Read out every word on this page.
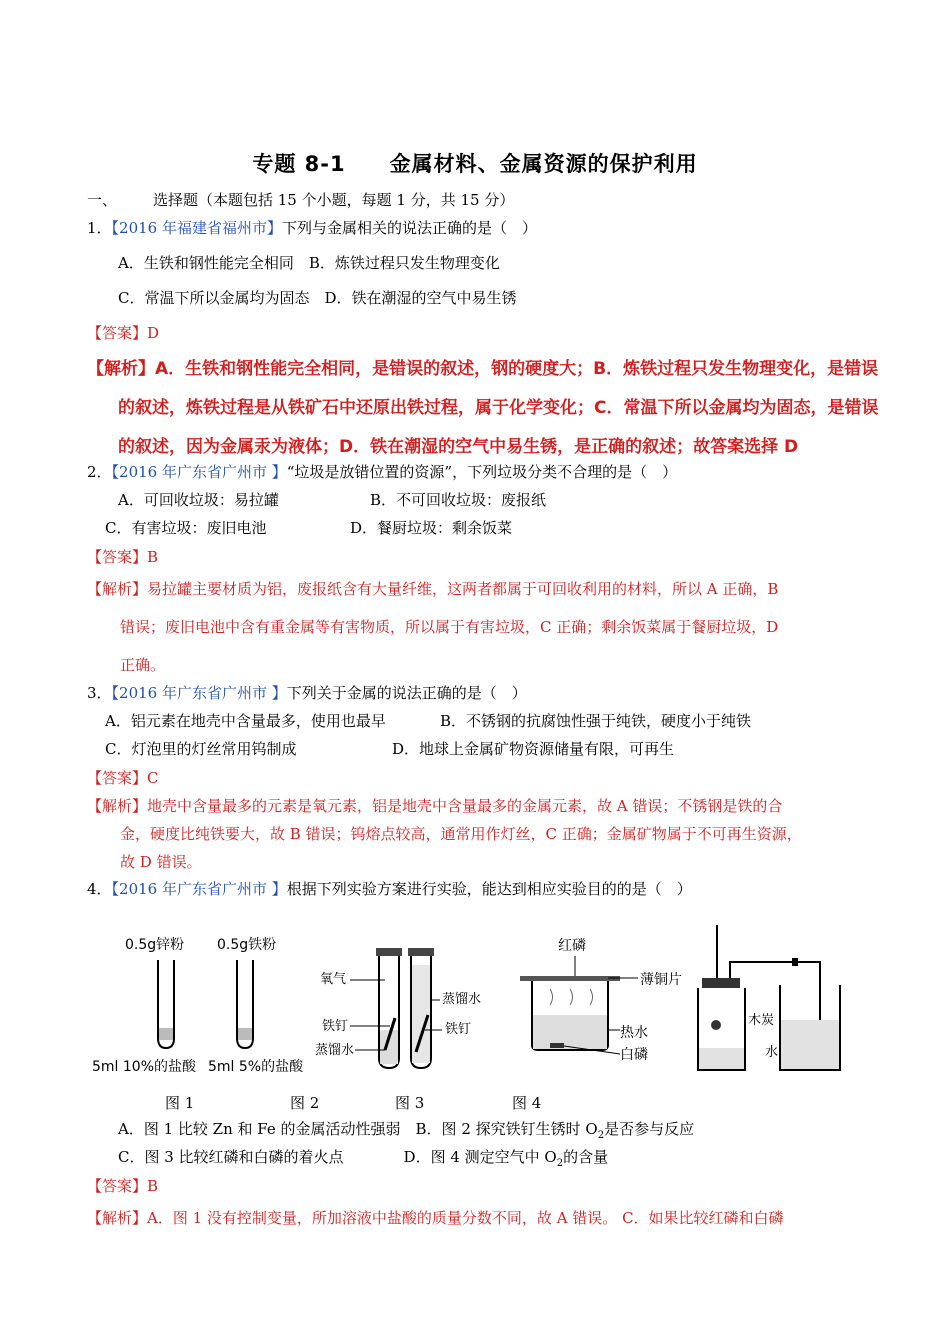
专题 8-1　　金属材料、金属资源的保护利用
一、 选择题（本题包括 15 个小题，每题 1 分，共 15 分）
1．【2016 年福建省福州市】下列与金属相关的说法正确的是（　）
A．生铁和钢性能完全相同　B．炼铁过程只发生物理变化
C．常温下所以金属均为固态　D．铁在潮湿的空气中易生锈
【答案】D
【解析】A．生铁和钢性能完全相同，是错误的叙述，钢的硬度大；B．炼铁过程只发生物理变化，是错误
的叙述，炼铁过程是从铁矿石中还原出铁过程，属于化学变化；C．常温下所以金属均为固态，是错误
的叙述，因为金属汞为液体；D．铁在潮湿的空气中易生锈，是正确的叙述；故答案选择 D
2．【2016 年广东省广州市 】“垃圾是放错位置的资源”，下列垃圾分类不合理的是（　）
A．可回收垃圾：易拉罐	B．不可回收垃圾：废报纸
C．有害垃圾：废旧电池	D．餐厨垃圾：剩余饭菜
【答案】B
【解析】易拉罐主要材质为铝，废报纸含有大量纤维，这两者都属于可回收利用的材料，所以 A 正确，B
错误；废旧电池中含有重金属等有害物质，所以属于有害垃圾，C 正确；剩余饭菜属于餐厨垃圾，D
正确。
3．【2016 年广东省广州市 】下列关于金属的说法正确的是（　）
A．铝元素在地壳中含量最多，使用也最早	B．不锈钢的抗腐蚀性强于纯铁，硬度小于纯铁
C．灯泡里的灯丝常用钨制成	D．地球上金属矿物资源储量有限，可再生
【答案】C
【解析】地壳中含量最多的元素是氧元素，铝是地壳中含量最多的金属元素，故 A 错误；不锈钢是铁的合
金，硬度比纯铁要大，故 B 错误；钨熔点较高，通常用作灯丝，C 正确；金属矿物属于不可再生资源，
故 D 错误。
4．【2016 年广东省广州市 】根据下列实验方案进行实验，能达到相应实验目的的是（　）
0.5g锌粉
5ml 10%的盐酸
0.5g铁粉
5ml 5%的盐酸
氧气
铁钉
蒸馏水
蒸馏水
铁钉
红磷
薄铜片
热水
白磷
木炭
水
图 1	图 2	图 3	图 4
A．图 1 比较 Zn 和 Fe 的金属活动性强弱　B．图 2 探究铁钉生锈时 $O_2$是否参与反应
C．图 3 比较红磷和白磷的着火点　　　　D．图 4 测定空气中 $O_2$的含量
【答案】B
【解析】A．图 1 没有控制变量，所加溶液中盐酸的质量分数不同，故 A 错误。 C．如果比较红磷和白磷
